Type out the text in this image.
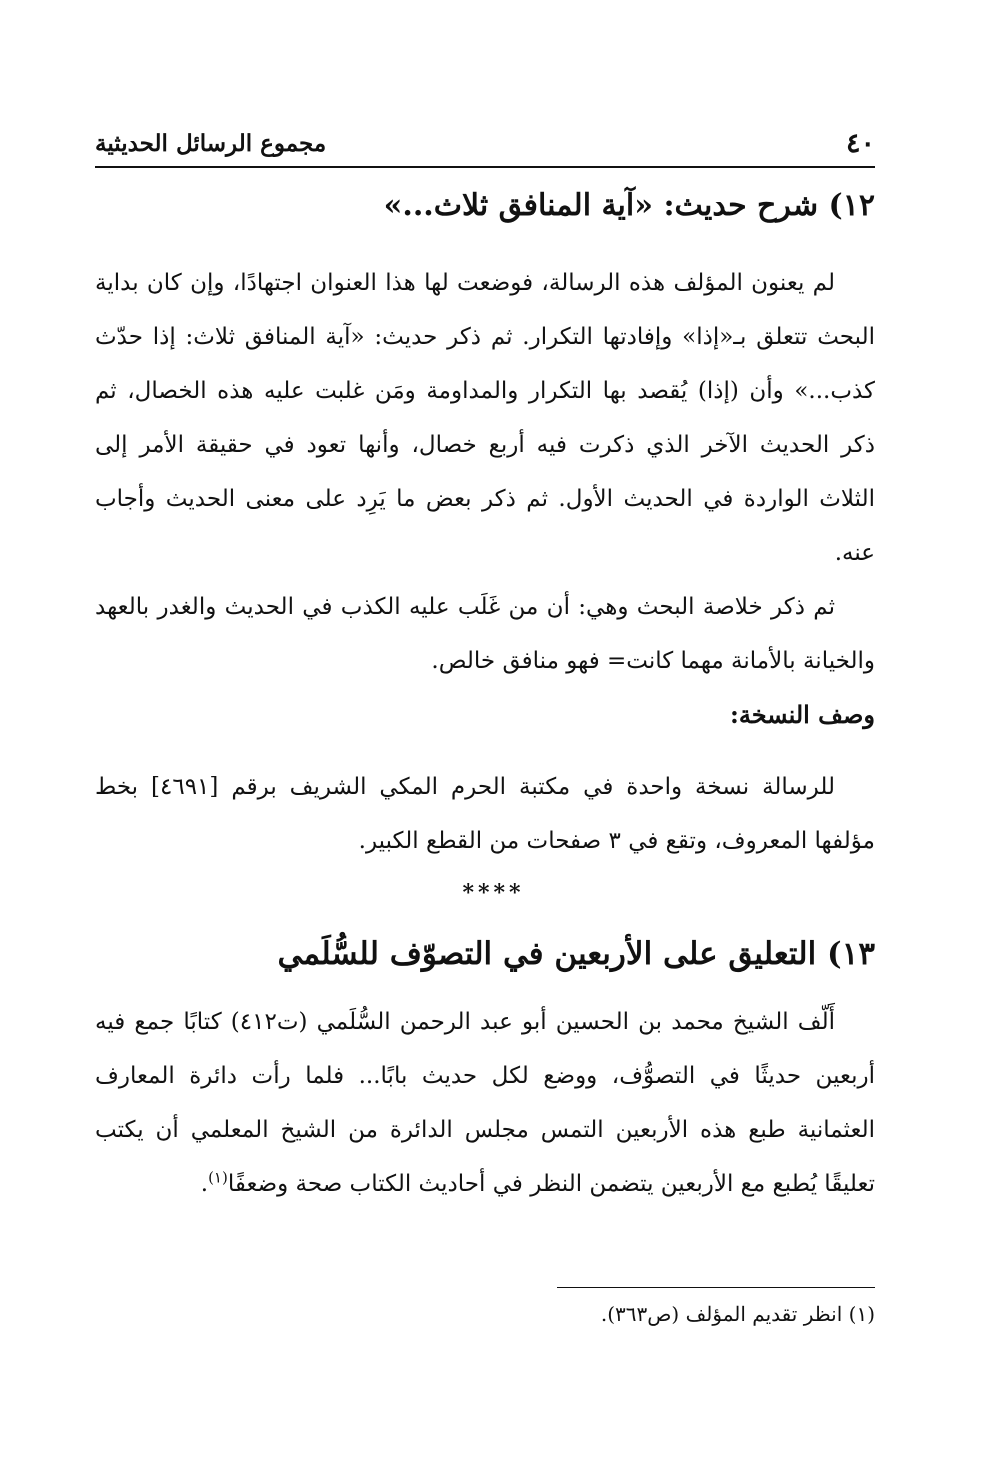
٤٠
مجموع الرسائل الحديثية
١٢) شرح حديث: «آية المنافق ثلاث...»

لم يعنون المؤلف هذه الرسالة، فوضعت لها هذا العنوان اجتهادًا، وإن كان بداية البحث تتعلق بـ«إذا» وإفادتها التكرار. ثم ذكر حديث: «آية المنافق ثلاث: إذا حدّث كذب...» وأن (إذا) يُقصد بها التكرار والمداومة ومَن غلبت عليه هذه الخصال، ثم ذكر الحديث الآخر الذي ذكرت فيه أربع خصال، وأنها تعود في حقيقة الأمر إلى الثلاث الواردة في الحديث الأول. ثم ذكر بعض ما يَرِد على معنى الحديث وأجاب عنه.

ثم ذكر خلاصة البحث وهي: أن من غَلَب عليه الكذب في الحديث والغدر بالعهد والخيانة بالأمانة مهما كانت= فهو منافق خالص.

وصف النسخة:

للرسالة نسخة واحدة في مكتبة الحرم المكي الشريف برقم [٤٦٩١] بخط مؤلفها المعروف، وتقع في ٣ صفحات من القطع الكبير.

****
١٣) التعليق على الأربعين في التصوّف للسُّلَمي

أَلّف الشيخ محمد بن الحسين أبو عبد الرحمن السُّلَمي (ت٤١٢) كتابًا جمع فيه أربعين حديثًا في التصوُّف، ووضع لكل حديث بابًا... فلما رأت دائرة المعارف العثمانية طبع هذه الأربعين التمس مجلس الدائرة من الشيخ المعلمي أن يكتب تعليقًا يُطبع مع الأربعين يتضمن النظر في أحاديث الكتاب صحة وضعفًا$^{(١)}$.

(١) انظر تقديم المؤلف (ص٣٦٣).
